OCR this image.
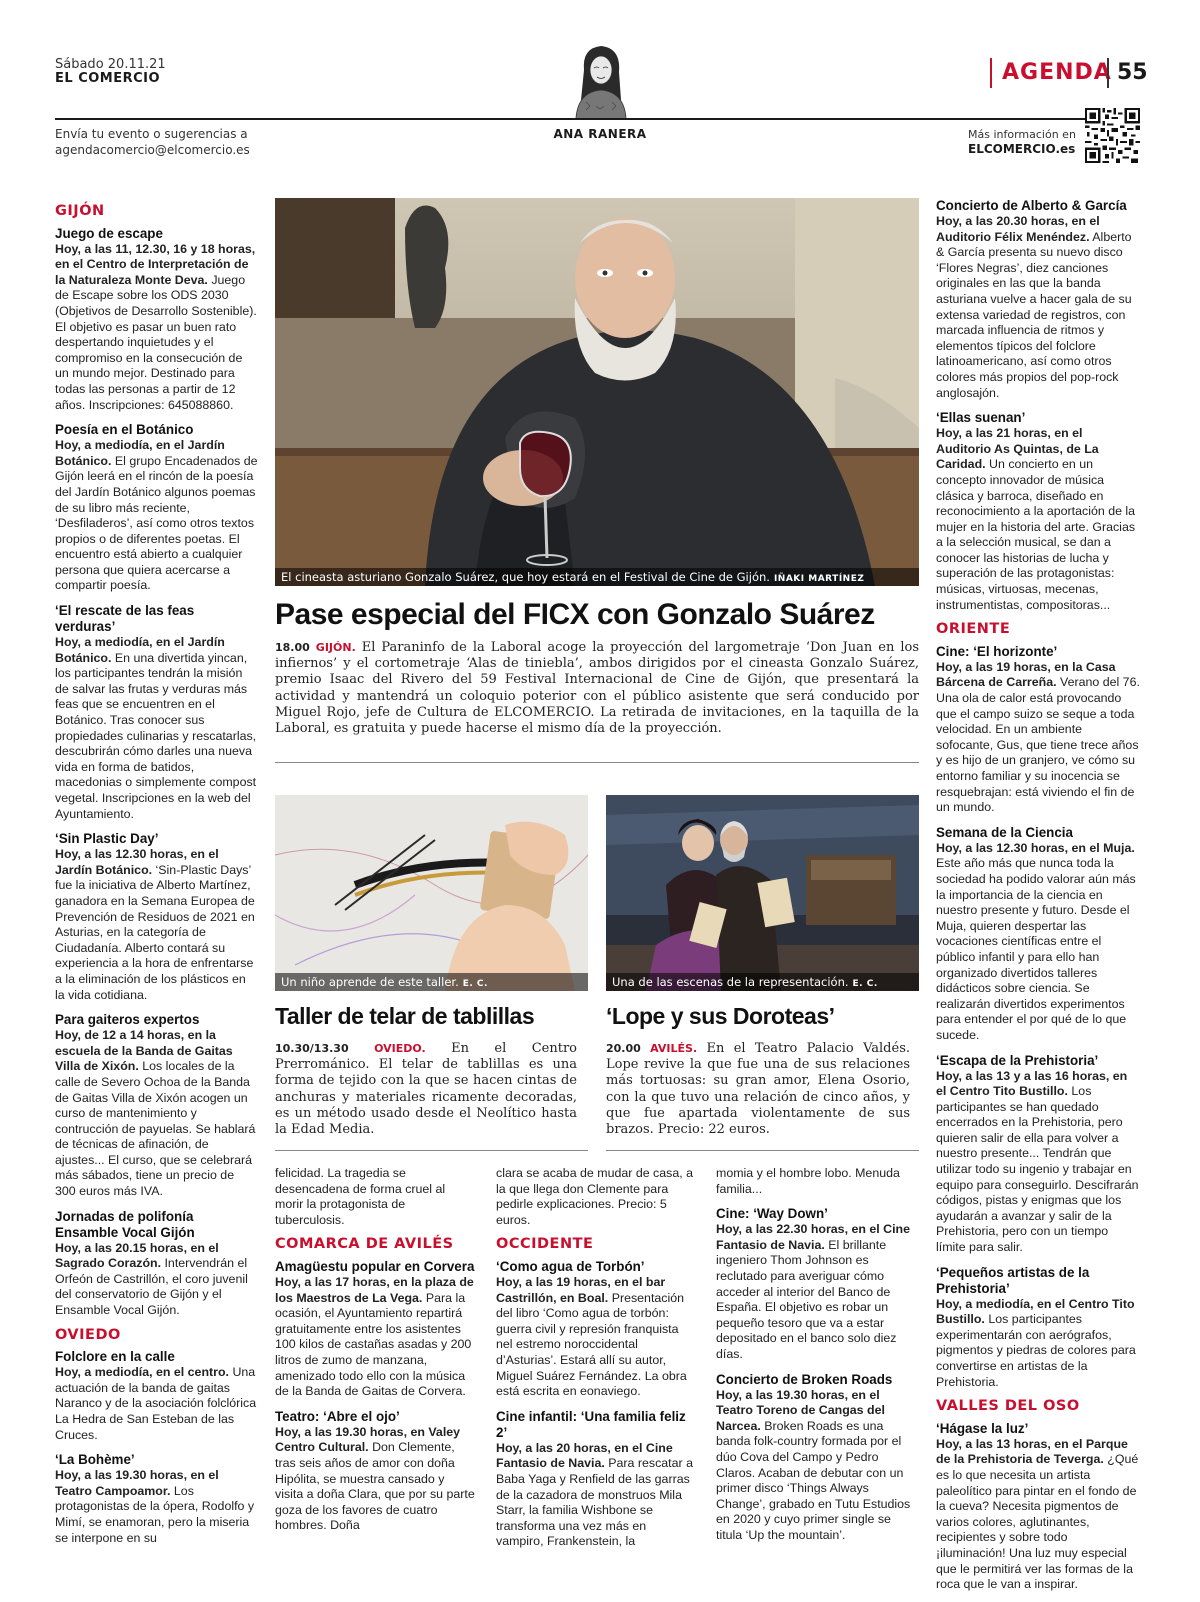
Sábado 20.11.21
EL COMERCIO	AGENDA 55
Envía tu evento o sugerencias a
agendacomercio@elcomercio.es
ANA RANERA	Más información en
ELCOMERCIO.es
GIJÓN
Juego de escape
Hoy, a las 11, 12.30, 16 y 18 horas, en el Centro de Interpretación de la Naturaleza Monte Deva. Juego de Escape sobre los ODS 2030 (Objetivos de Desarrollo Sostenible). El objetivo es pasar un buen rato despertando inquietudes y el compromiso en la consecución de un mundo mejor. Destinado para todas las personas a partir de 12 años. Inscripciones: 645088860.
Poesía en el Botánico
Hoy, a mediodía, en el Jardín Botánico. El grupo Encadenados de Gijón leerá en el rincón de la poesía del Jardín Botánico algunos poemas de su libro más reciente, ‘Desfiladeros’, así como otros textos propios o de diferentes poetas. El encuentro está abierto a cualquier persona que quiera acercarse a compartir poesía.
‘El rescate de las feas verduras’
Hoy, a mediodía, en el Jardín Botánico. En una divertida yincan, los participantes tendrán la misión de salvar las frutas y verduras más feas que se encuentren en el Botánico. Tras conocer sus propiedades culinarias y rescatarlas, descubrirán cómo darles una nueva vida en forma de batidos, macedonias o simplemente compost vegetal. Inscripciones en la web del Ayuntamiento.
‘Sin Plastic Day’
Hoy, a las 12.30 horas, en el Jardín Botánico. ‘Sin-Plastic Days’ fue la iniciativa de Alberto Martínez, ganadora en la Semana Europea de Prevención de Residuos de 2021 en Asturias, en la categoría de Ciudadanía. Alberto contará su experiencia a la hora de enfrentarse a la eliminación de los plásticos en la vida cotidiana.
Para gaiteros expertos
Hoy, de 12 a 14 horas, en la escuela de la Banda de Gaitas Villa de Xixón. Los locales de la calle de Severo Ochoa de la Banda de Gaitas Villa de Xixón acogen un curso de mantenimiento y contrucción de payuelas. Se hablará de técnicas de afinación, de ajustes... El curso, que se celebrará más sábados, tiene un precio de 300 euros más IVA.
Jornadas de polifonía Ensamble Vocal Gijón
Hoy, a las 20.15 horas, en el Sagrado Corazón. Intervendrán el Orfeón de Castrillón, el coro juvenil del conservatorio de Gijón y el Ensamble Vocal Gijón.
OVIEDO
Folclore en la calle
Hoy, a mediodía, en el centro. Una actuación de la banda de gaitas Naranco y de la asociación folclórica La Hedra de San Esteban de las Cruces.
‘La Bohème’
Hoy, a las 19.30 horas, en el Teatro Campoamor. Los protagonistas de la ópera, Rodolfo y Mimí, se enamoran, pero la miseria se interpone en su
El cineasta asturiano Gonzalo Suárez, que hoy estará en el Festival de Cine de Gijón. IÑAKI MARTÍNEZ
Pase especial del FICX con Gonzalo Suárez
18.00 GIJÓN. El Paraninfo de la Laboral acoge la proyección del largometraje ‘Don Juan en los infiernos’ y el cortometraje ‘Alas de tiniebla’, ambos dirigidos por el cineasta Gonzalo Suárez, premio Isaac del Rivero del 59 Festival Internacional de Cine de Gijón, que presentará la actividad y mantendrá un coloquio poterior con el público asistente que será conducido por Miguel Rojo, jefe de Cultura de ELCOMERCIO. La retirada de invitaciones, en la taquilla de la Laboral, es gratuita y puede hacerse el mismo día de la proyección.
Un niño aprende de este taller. E. C.
Taller de telar de tablillas
10.30/13.30 OVIEDO. En el Centro Prerrománico. El telar de tablillas es una forma de tejido con la que se hacen cintas de anchuras y materiales ricamente decoradas, es un método usado desde el Neolítico hasta la Edad Media.
Una de las escenas de la representación. E. C.
‘Lope y sus Doroteas’
20.00 AVILÉS. En el Teatro Palacio Valdés. Lope revive la que fue una de sus relaciones más tortuosas: su gran amor, Elena Osorio, con la que tuvo una relación de cinco años, y que fue apartada violentamente de sus brazos. Precio: 22 euros.
felicidad. La tragedia se desencadena de forma cruel al morir la protagonista de tuberculosis.
COMARCA DE AVILÉS
Amagüestu popular en Corvera
Hoy, a las 17 horas, en la plaza de los Maestros de La Vega. Para la ocasión, el Ayuntamiento repartirá gratuitamente entre los asistentes 100 kilos de castañas asadas y 200 litros de zumo de manzana, amenizado todo ello con la música de la Banda de Gaitas de Corvera.
Teatro: ‘Abre el ojo’
Hoy, a las 19.30 horas, en Valey Centro Cultural. Don Clemente, tras seis años de amor con doña Hipólita, se muestra cansado y visita a doña Clara, que por su parte goza de los favores de cuatro hombres. Doña
clara se acaba de mudar de casa, a la que llega don Clemente para pedirle explicaciones. Precio: 5 euros.
OCCIDENTE
‘Como agua de Torbón’
Hoy, a las 19 horas, en el bar Castrillón, en Boal. Presentación del libro ‘Como agua de torbón: guerra civil y represión franquista nel estremo noroccidental d’Asturias’. Estará allí su autor, Miguel Suárez Fernández. La obra está escrita en eonaviego.
Cine infantil: ‘Una familia feliz 2’
Hoy, a las 20 horas, en el Cine Fantasio de Navia. Para rescatar a Baba Yaga y Renfield de las garras de la cazadora de monstruos Mila Starr, la familia Wishbone se transforma una vez más en vampiro, Frankenstein, la
momia y el hombre lobo. Menuda familia...
Cine: ‘Way Down’
Hoy, a las 22.30 horas, en el Cine Fantasio de Navia. El brillante ingeniero Thom Johnson es reclutado para averiguar cómo acceder al interior del Banco de España. El objetivo es robar un pequeño tesoro que va a estar depositado en el banco solo diez días.
Concierto de Broken Roads
Hoy, a las 19.30 horas, en el Teatro Toreno de Cangas del Narcea. Broken Roads es una banda folk-country formada por el dúo Cova del Campo y Pedro Claros. Acaban de debutar con un primer disco ‘Things Always Change’, grabado en Tutu Estudios en 2020 y cuyo primer single se titula ‘Up the mountain’.
Concierto de Alberto & García
Hoy, a las 20.30 horas, en el Auditorio Félix Menéndez. Alberto & García presenta su nuevo disco ‘Flores Negras’, diez canciones originales en las que la banda asturiana vuelve a hacer gala de su extensa variedad de registros, con marcada influencia de ritmos y elementos típicos del folclore latinoamericano, así como otros colores más propios del pop-rock anglosajón.
‘Ellas suenan’
Hoy, a las 21 horas, en el Auditorio As Quintas, de La Caridad. Un concierto en un concepto innovador de música clásica y barroca, diseñado en reconocimiento a la aportación de la mujer en la historia del arte. Gracias a la selección musical, se dan a conocer las historias de lucha y superación de las protagonistas: músicas, virtuosas, mecenas, instrumentistas, compositoras...
ORIENTE
Cine: ‘El horizonte’
Hoy, a las 19 horas, en la Casa Bárcena de Carreña. Verano del 76. Una ola de calor está provocando que el campo suizo se seque a toda velocidad. En un ambiente sofocante, Gus, que tiene trece años y es hijo de un granjero, ve cómo su entorno familiar y su inocencia se resquebrajan: está viviendo el fin de un mundo.
Semana de la Ciencia
Hoy, a las 12.30 horas, en el Muja. Este año más que nunca toda la sociedad ha podido valorar aún más la importancia de la ciencia en nuestro presente y futuro. Desde el Muja, quieren despertar las vocaciones científicas entre el público infantil y para ello han organizado divertidos talleres didácticos sobre ciencia. Se realizarán divertidos experimentos para entender el por qué de lo que sucede.
‘Escapa de la Prehistoria’
Hoy, a las 13 y a las 16 horas, en el Centro Tito Bustillo. Los participantes se han quedado encerrados en la Prehistoria, pero quieren salir de ella para volver a nuestro presente... Tendrán que utilizar todo su ingenio y trabajar en equipo para conseguirlo. Descifrarán códigos, pistas y enigmas que los ayudarán a avanzar y salir de la Prehistoria, pero con un tiempo límite para salir.
‘Pequeños artistas de la Prehistoria’
Hoy, a mediodía, en el Centro Tito Bustillo. Los participantes experimentarán con aerógrafos, pigmentos y piedras de colores para convertirse en artistas de la Prehistoria.
VALLES DEL OSO
‘Hágase la luz’
Hoy, a las 13 horas, en el Parque de la Prehistoria de Teverga. ¿Qué es lo que necesita un artista paleolítico para pintar en el fondo de la cueva? Necesita pigmentos de varios colores, aglutinantes, recipientes y sobre todo ¡iluminación! Una luz muy especial que le permitirá ver las formas de la roca que le van a inspirar.
